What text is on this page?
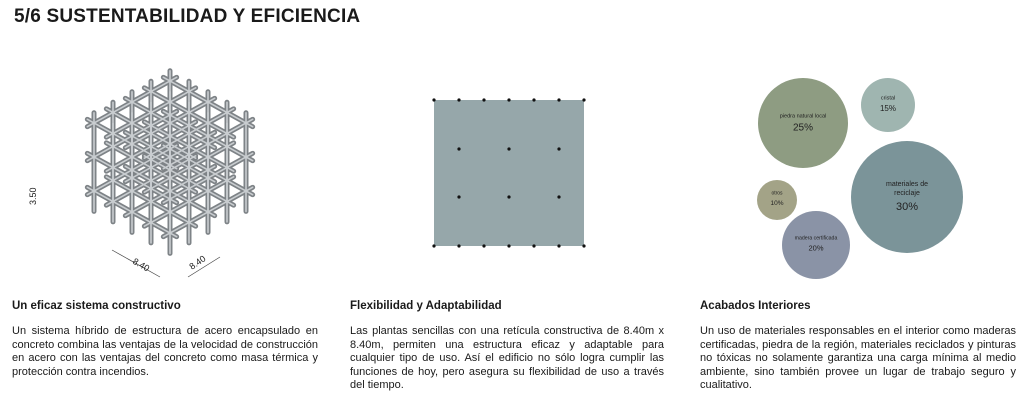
5/6 SUSTENTABILIDAD Y EFICIENCIA
3.50
8.40	8.40
piedra natural local
25%
cristal
15%
otros
10%
materiales de
reciclaje
30%
madera certificada
20%
Un eficaz sistema constructivo

Un sistema híbrido de estructura de acero encapsulado en concreto combina las ventajas de la velocidad de construcción en acero con las ventajas del concreto como masa térmica y protección contra incendios.

Flexibilidad y Adaptabilidad

Las plantas sencillas con una retícula constructiva de 8.40m x 8.40m, permiten una estructura eficaz y adaptable para cualquier tipo de uso. Así el edificio no sólo logra cumplir las funciones de hoy, pero asegura su flexibilidad de uso a través del tiempo.

Acabados Interiores

Un uso de materiales responsables en el interior como maderas certificadas, piedra de la región, materiales reciclados y pinturas no tóxicas no solamente garantiza una carga mínima al medio ambiente, sino también provee un lugar de trabajo seguro y cualitativo.
